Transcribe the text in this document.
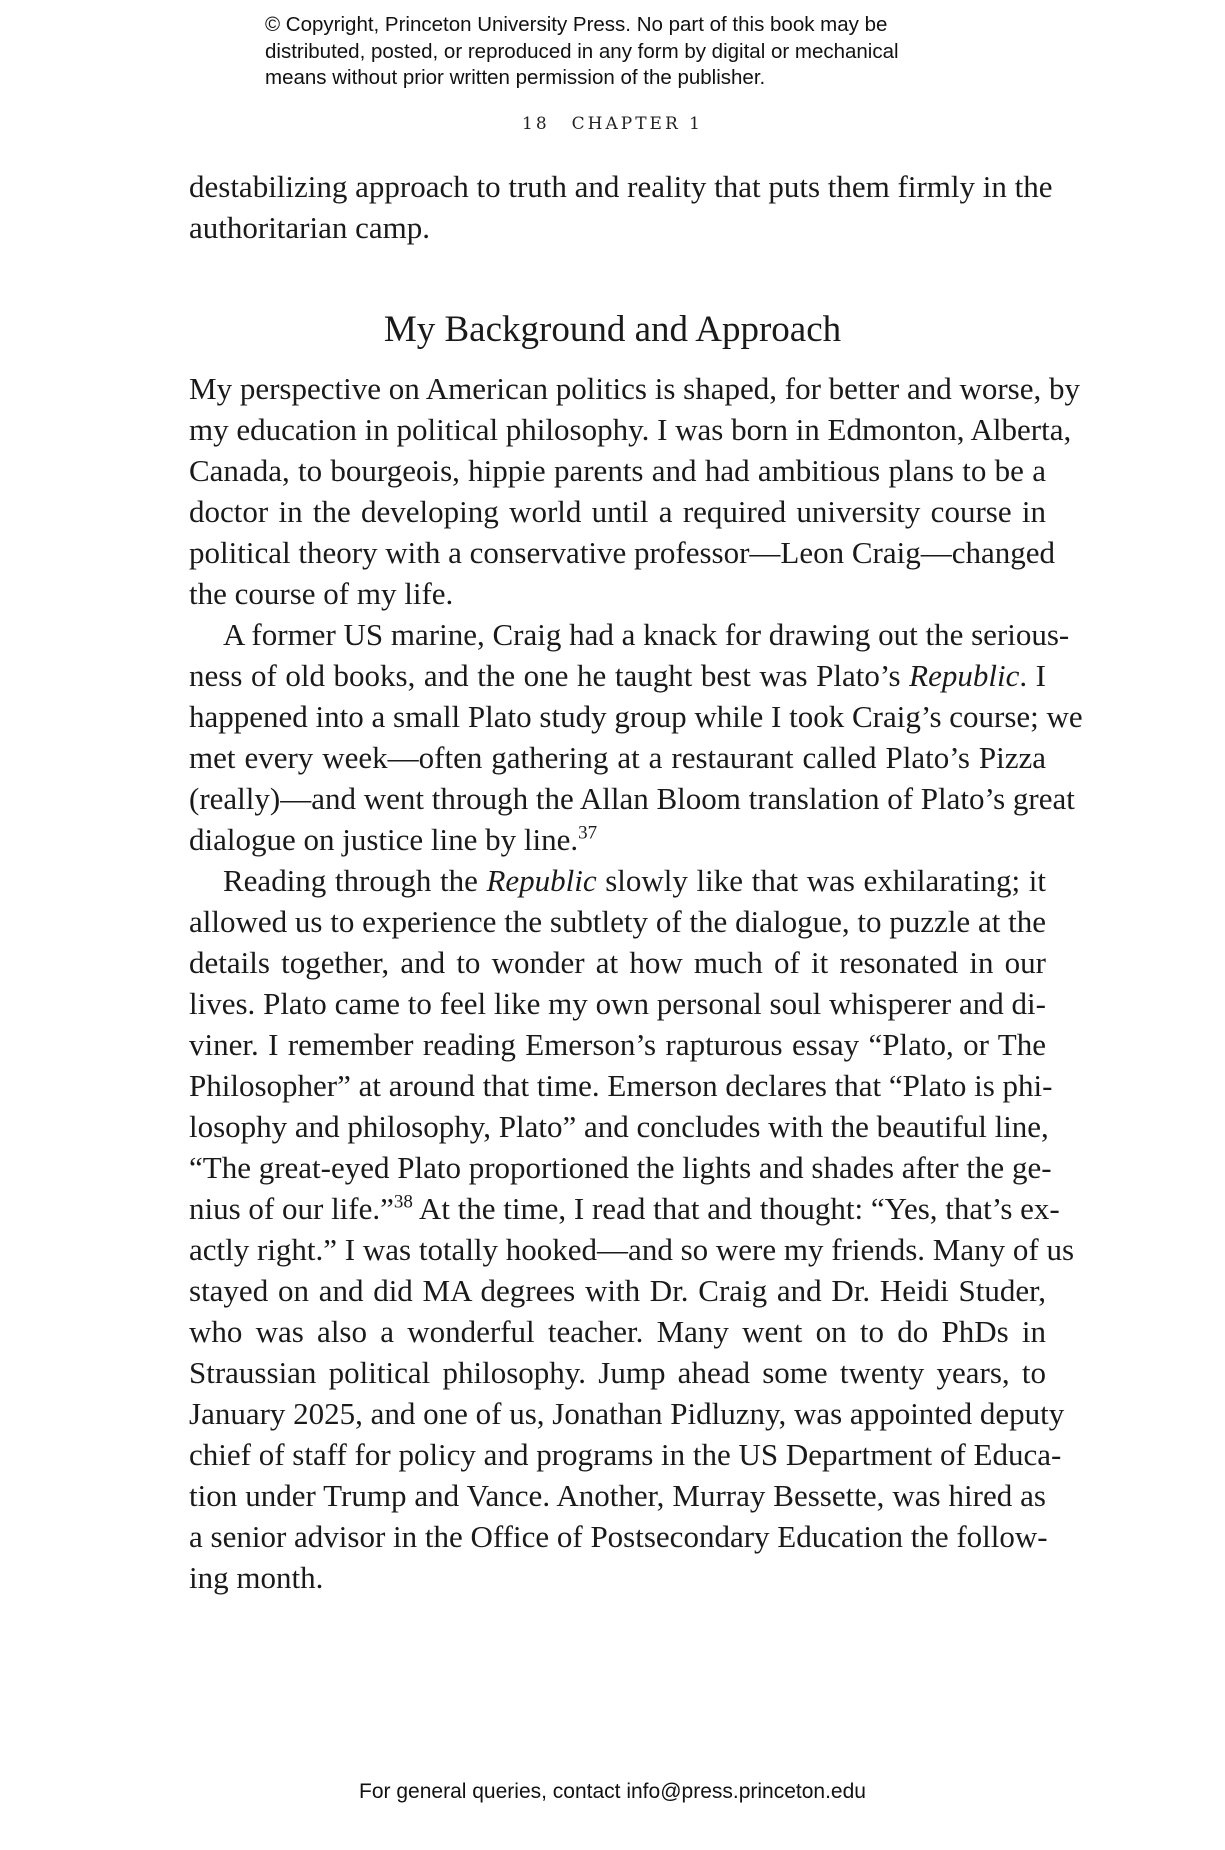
© Copyright, Princeton University Press. No part of this book may be

distributed, posted, or reproduced in any form by digital or mechanical

means without prior written permission of the publisher.

18 CHAPTER 1
destabilizing approach to truth and reality that puts them firmly in the
authoritarian camp.
My Background and Approach
My perspective on American politics is shaped, for better and worse, by
my education in political philosophy. I was born in Edmonton, Alberta,
Canada, to bourgeois, hippie parents and had ambitious plans to be a
doctor in the developing world until a required university course in
political theory with a conservative professor—Leon Craig—changed
the course of my life.
A former US marine, Craig had a knack for drawing out the serious-
ness of old books, and the one he taught best was Plato’s Republic. I
happened into a small Plato study group while I took Craig’s course; we
met every week—often gathering at a restaurant called Plato’s Pizza
(really)—and went through the Allan Bloom translation of Plato’s great
dialogue on justice line by line.$^{37}$
Reading through the Republic slowly like that was exhilarating; it
allowed us to experience the subtlety of the dialogue, to puzzle at the
details together, and to wonder at how much of it resonated in our
lives. Plato came to feel like my own personal soul whisperer and di-
viner. I remember reading Emerson’s rapturous essay “Plato, or The
Philosopher” at around that time. Emerson declares that “Plato is phi-
losophy and philosophy, Plato” and concludes with the beautiful line,
“The great-eyed Plato proportioned the lights and shades after the ge-
nius of our life.”$^{38}$ At the time, I read that and thought: “Yes, that’s ex-
actly right.” I was totally hooked—and so were my friends. Many of us
stayed on and did MA degrees with Dr. Craig and Dr. Heidi Studer,
who was also a wonderful teacher. Many went on to do PhDs in
Straussian political philosophy. Jump ahead some twenty years, to
January 2025, and one of us, Jonathan Pidluzny, was appointed deputy
chief of staff for policy and programs in the US Department of Educa-
tion under Trump and Vance. Another, Murray Bessette, was hired as
a senior advisor in the Office of Postsecondary Education the follow-
ing month.
For general queries, contact info@press.princeton.edu
